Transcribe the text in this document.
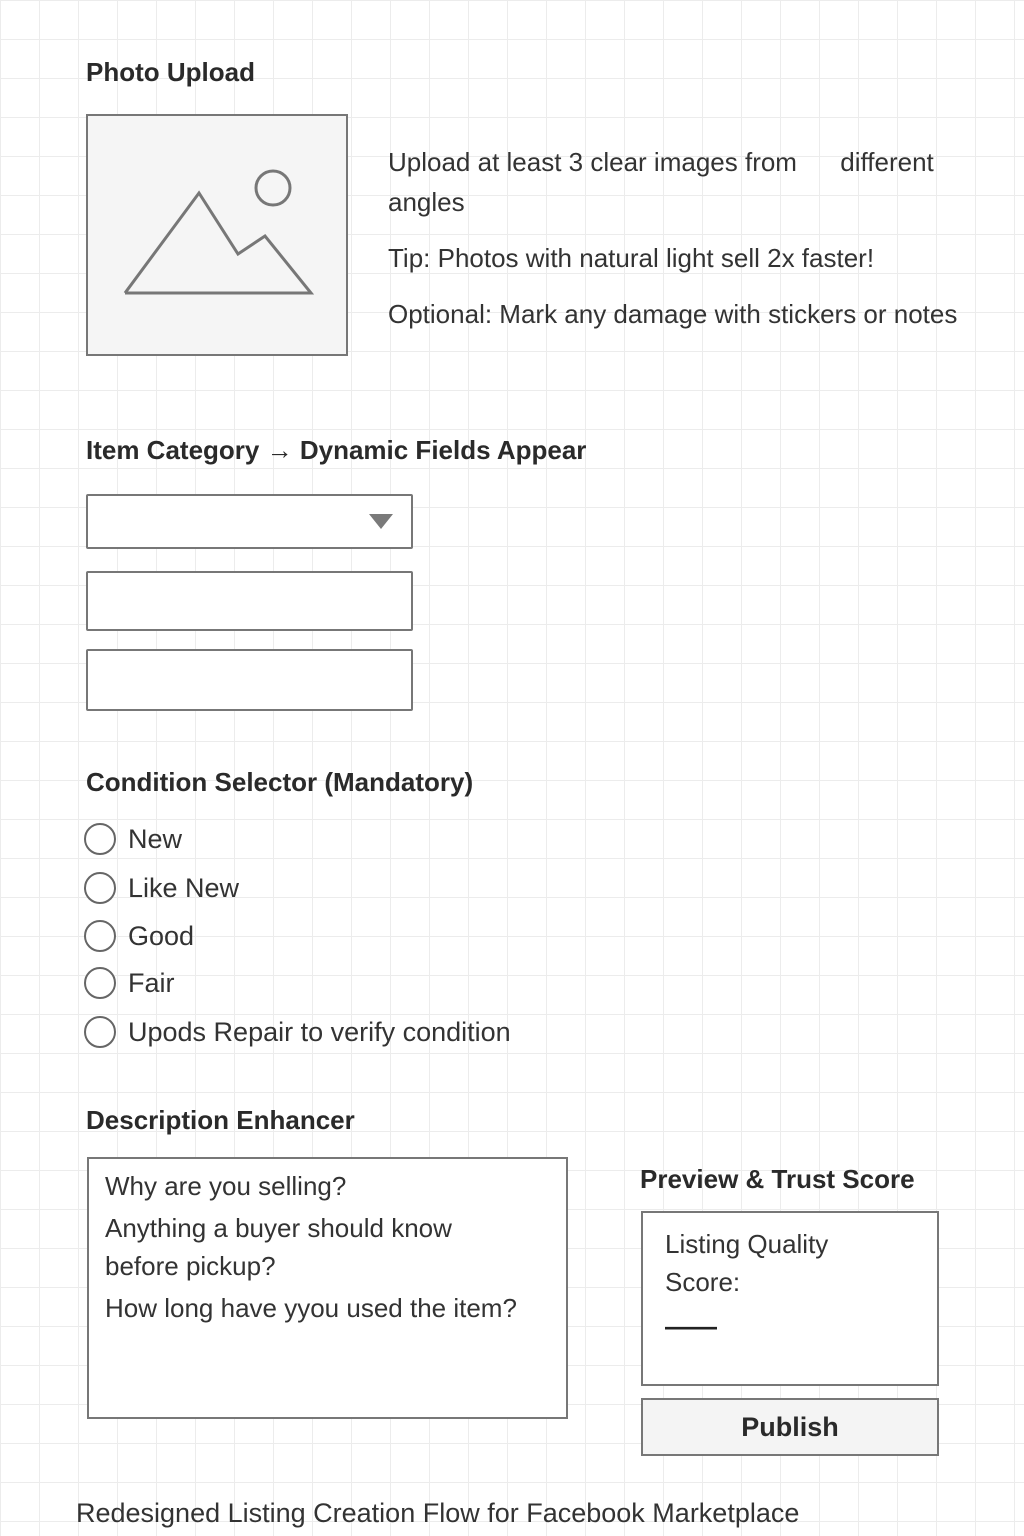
Photo Upload

Upload at least 3 clear images from      different angles

Tip: Photos with natural light sell 2x faster!

Optional: Mark any damage with stickers or notes

Item Category → Dynamic Fields Appear
Condition Selector (Mandatory)
New
Like New
Good
Fair
Upods Repair to verify condition
Description Enhancer

Why are you selling?

Anything a buyer should know before pickup?

How long have yyou used the item?

Preview & Trust Score

Listing Quality Score:

——

Publish
Redesigned Listing Creation Flow for Facebook Marketplace
